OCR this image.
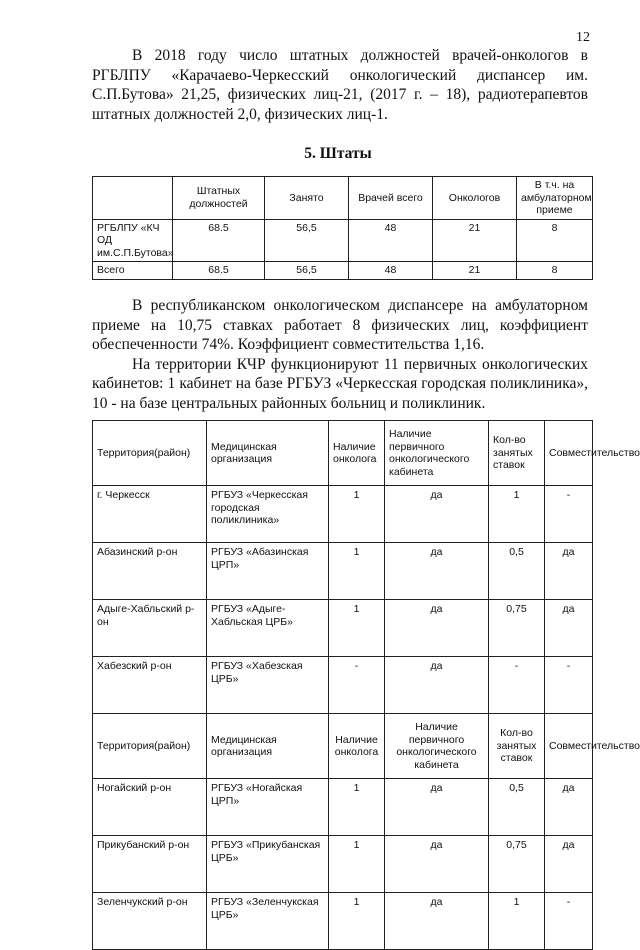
12

В 2018 году число штатных должностей врачей-онкологов в РГБЛПУ «Карачаево-Черкесский онкологический диспансер им. С.П.Бутова» 21,25, физических лиц-21, (2017 г. – 18), радиотерапевтов штатных должностей 2,0, физических лиц-1.

5. Штаты
	Штатных должностей	Занято	Врачей всего	Онкологов	В т.ч. на амбулаторном приеме
РГБЛПУ «КЧ ОД им.С.П.Бутова»	68.5	56,5	48	21	8
Всего	68.5	56,5	48	21	8

В республиканском онкологическом диспансере на амбулаторном приеме на 10,75 ставках работает 8 физических лиц, коэффициент обеспеченности 74%. Коэффициент совместительства 1,16.

На территории КЧР функционируют 11 первичных онкологических кабинетов: 1 кабинет на базе РГБУЗ «Черкесская городская поликлиника», 10 - на базе центральных районных больниц и поликлиник.

Территория(район)	Медицинская организация	Наличие онколога	Наличие первичного онкологического кабинета	Кол-во занятых ставок	Совместительство
г. Черкесск	РГБУЗ «Черкесская городская поликлиника»	1	да	1	-
Абазинский р-он	РГБУЗ «Абазинская ЦРП»	1	да	0,5	да
Адыге-Хабльский р-он	РГБУЗ «Адыге-Хабльская ЦРБ»	1	да	0,75	да
Хабезский р-он	РГБУЗ «Хабезская ЦРБ»	-	да	-	-
Территория(район)	Медицинская организация	Наличие онколога	Наличие первичного онкологического кабинета	Кол-во занятых ставок	Совместительство
Ногайский р-он	РГБУЗ «Ногайская ЦРП»	1	да	0,5	да
Прикубанский р-он	РГБУЗ «Прикубанская ЦРБ»	1	да	0,75	да
Зеленчукский р-он	РГБУЗ «Зеленчукская ЦРБ»	1	да	1	-
